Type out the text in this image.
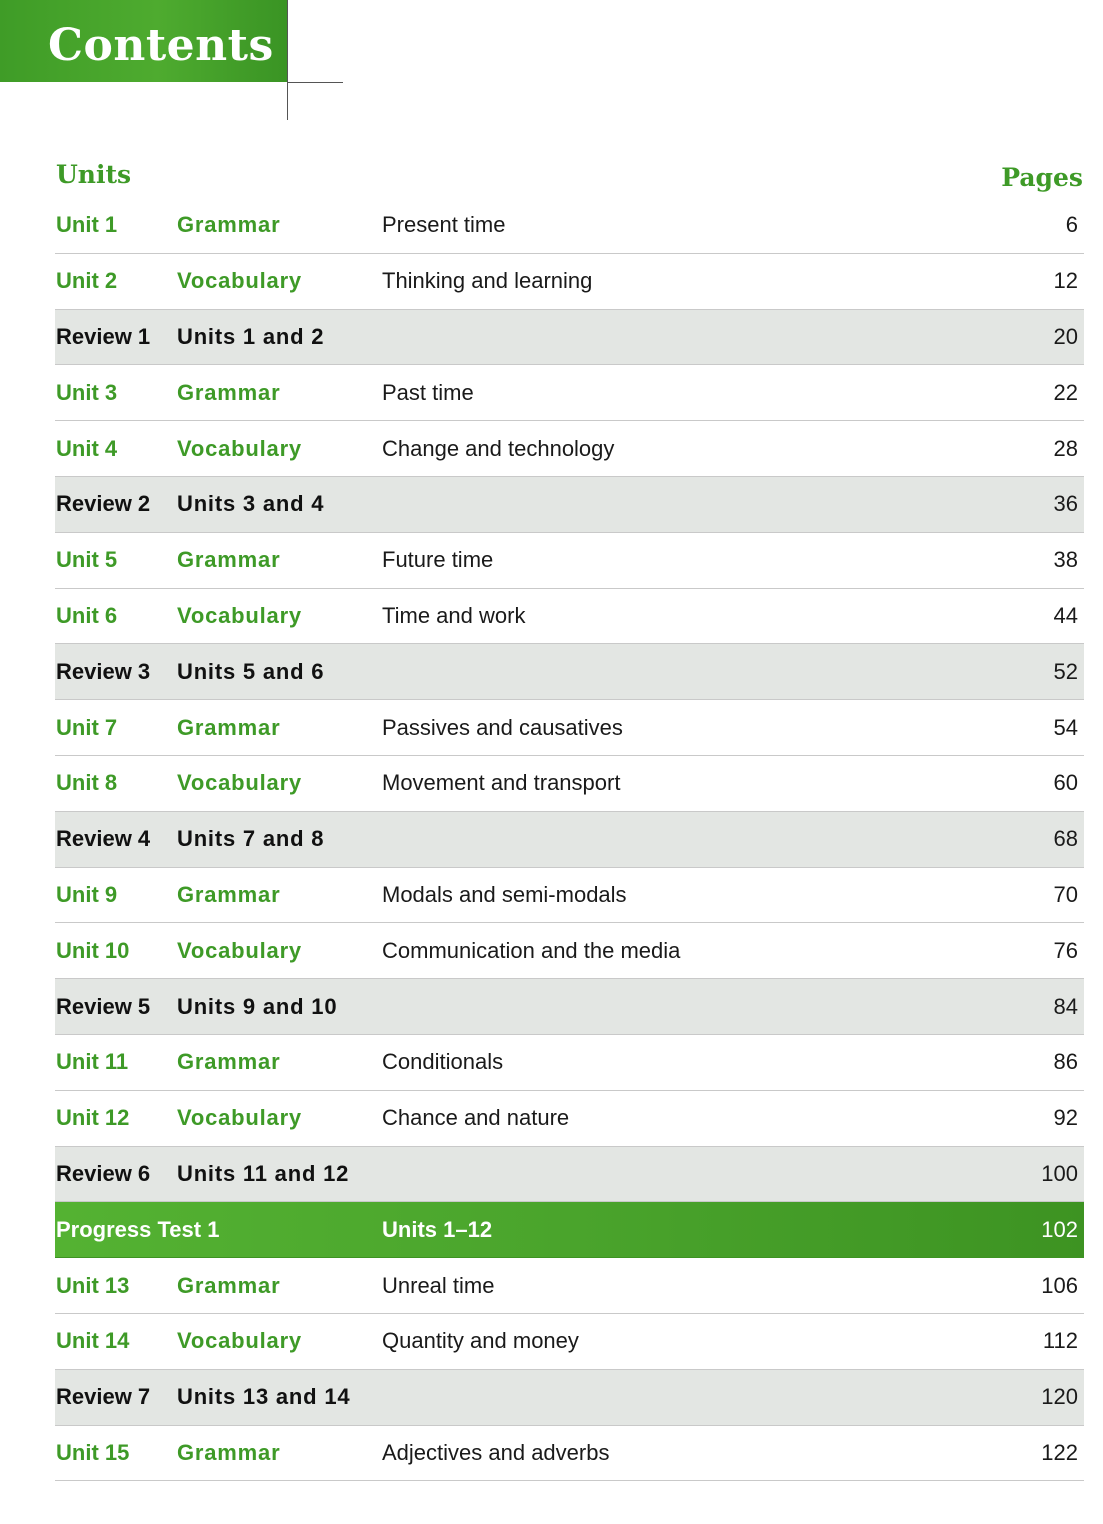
Contents
Units	Pages
Unit 1	Grammar	Present time	6
Unit 2	Vocabulary	Thinking and learning	12
Review 1 Units 1 and 2	20
Unit 3	Grammar	Past time	22
Unit 4	Vocabulary	Change and technology	28
Review 2 Units 3 and 4	36
Unit 5	Grammar	Future time	38
Unit 6	Vocabulary	Time and work	44
Review 3 Units 5 and 6	52
Unit 7	Grammar	Passives and causatives	54
Unit 8	Vocabulary	Movement and transport	60
Review 4 Units 7 and 8	68
Unit 9	Grammar	Modals and semi-modals	70
Unit 10 Vocabulary	Communication and the media	76
Review 5 Units 9 and 10	84
Unit 11 Grammar	Conditionals	86
Unit 12 Vocabulary	Chance and nature	92
Review 6 Units 11 and 12	100
Progress Test 1	Units 1–12	102
Unit 13 Grammar	Unreal time	106
Unit 14 Vocabulary	Quantity and money	112
Review 7 Units 13 and 14	120
Unit 15 Grammar	Adjectives and adverbs	122
